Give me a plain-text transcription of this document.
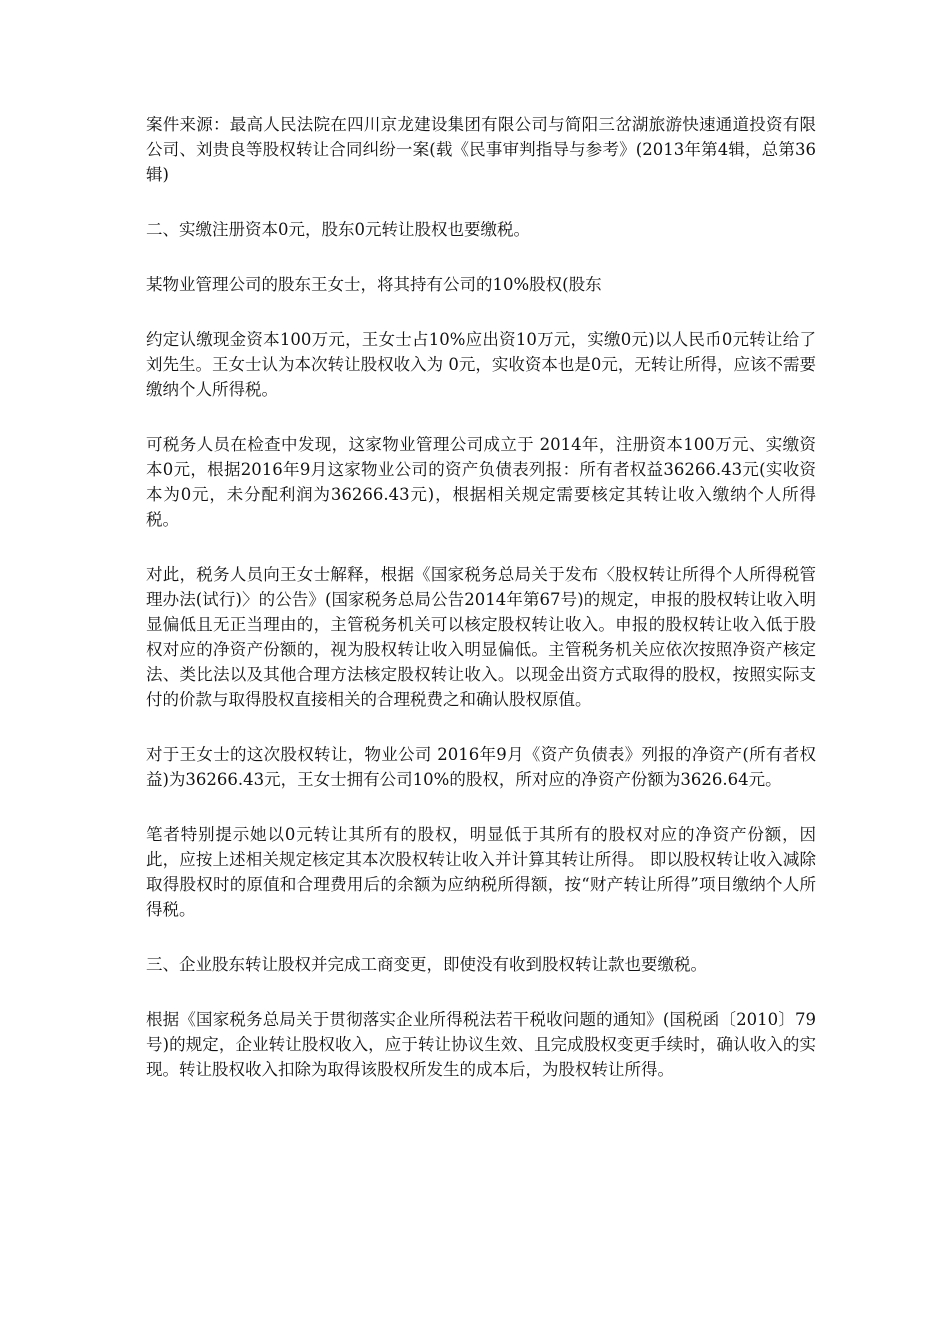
案件来源：最高人民法院在四川京龙建设集团有限公司与简阳三岔湖旅游快速通道投资有限公司、刘贵良等股权转让合同纠纷一案(载《民事审判指导与参考》(2013年第4辑，总第36辑)

二、实缴注册资本0元，股东0元转让股权也要缴税。

某物业管理公司的股东王女士，将其持有公司的10%股权(股东

约定认缴现金资本100万元，王女士占10%应出资10万元，实缴0元)以人民币0元转让给了刘先生。王女士认为本次转让股权收入为 0元，实收资本也是0元，无转让所得，应该不需要缴纳个人所得税。

可税务人员在检查中发现，这家物业管理公司成立于 2014年，注册资本100万元、实缴资本0元，根据2016年9月这家物业公司的资产负债表列报：所有者权益36266.43元(实收资本为0元，未分配利润为36266.43元)，根据相关规定需要核定其转让收入缴纳个人所得税。

对此，税务人员向王女士解释，根据《国家税务总局关于发布〈股权转让所得个人所得税管理办法(试行)〉的公告》(国家税务总局公告2014年第67号)的规定，申报的股权转让收入明显偏低且无正当理由的，主管税务机关可以核定股权转让收入。申报的股权转让收入低于股权对应的净资产份额的，视为股权转让收入明显偏低。主管税务机关应依次按照净资产核定法、类比法以及其他合理方法核定股权转让收入。以现金出资方式取得的股权，按照实际支付的价款与取得股权直接相关的合理税费之和确认股权原值。

对于王女士的这次股权转让，物业公司 2016年9月《资产负债表》列报的净资产(所有者权益)为36266.43元，王女士拥有公司10%的股权，所对应的净资产份额为3626.64元。

笔者特别提示她以0元转让其所有的股权，明显低于其所有的股权对应的净资产份额，因此，应按上述相关规定核定其本次股权转让收入并计算其转让所得。 即以股权转让收入减除取得股权时的原值和合理费用后的余额为应纳税所得额，按“财产转让所得”项目缴纳个人所得税。

三、企业股东转让股权并完成工商变更，即使没有收到股权转让款也要缴税。

根据《国家税务总局关于贯彻落实企业所得税法若干税收问题的通知》(国税函〔2010〕79号)的规定，企业转让股权收入，应于转让协议生效、且完成股权变更手续时，确认收入的实现。转让股权收入扣除为取得该股权所发生的成本后，为股权转让所得。
